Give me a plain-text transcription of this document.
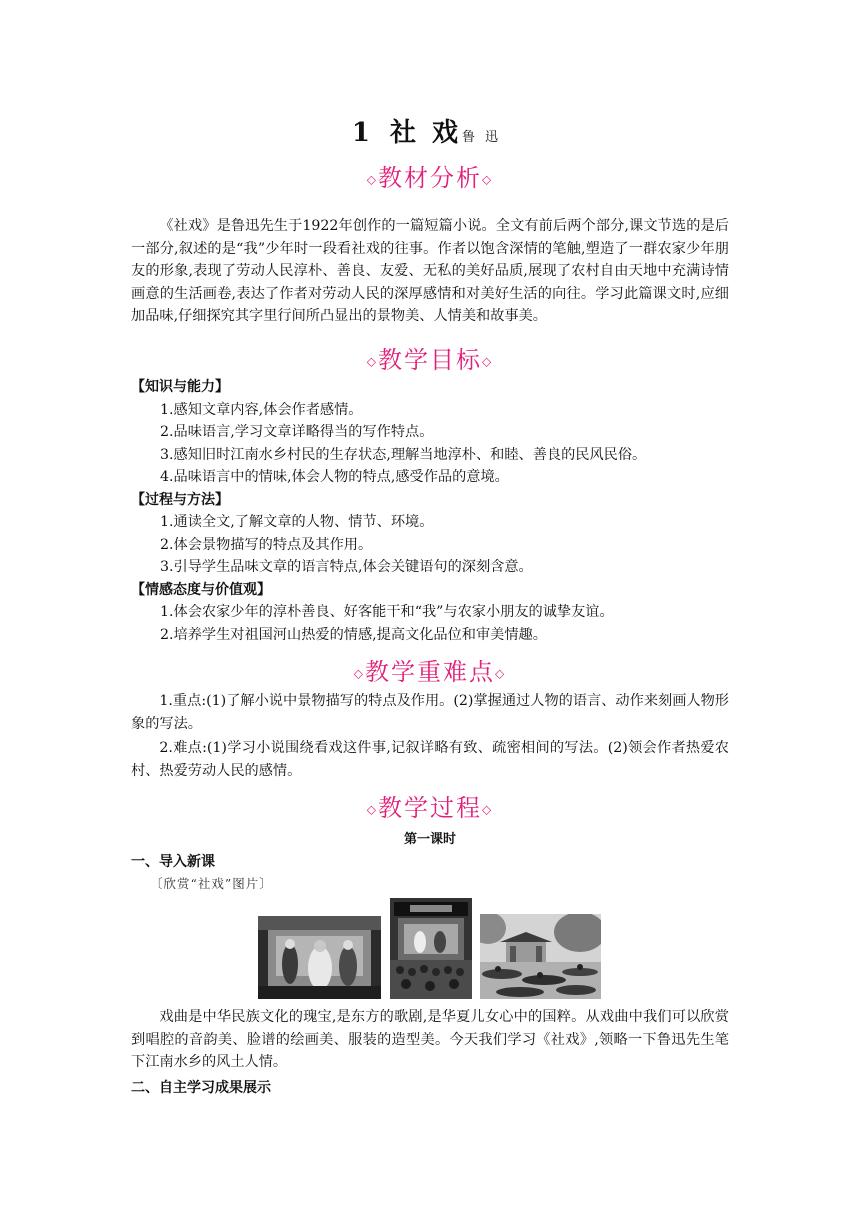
1 社 戏 鲁迅
◇教材分析◇
《社戏》是鲁迅先生于1922年创作的一篇短篇小说。全文有前后两个部分,课文节选的是后一部分,叙述的是“我”少年时一段看社戏的往事。作者以饱含深情的笔触,塑造了一群农家少年朋友的形象,表现了劳动人民淳朴、善良、友爱、无私的美好品质,展现了农村自由天地中充满诗情画意的生活画卷,表达了作者对劳动人民的深厚感情和对美好生活的向往。学习此篇课文时,应细加品味,仔细探究其字里行间所凸显出的景物美、人情美和故事美。
◇教学目标◇
【知识与能力】
1.感知文章内容,体会作者感情。
2.品味语言,学习文章详略得当的写作特点。
3.感知旧时江南水乡村民的生存状态,理解当地淳朴、和睦、善良的民风民俗。
4.品味语言中的情味,体会人物的特点,感受作品的意境。
【过程与方法】
1.通读全文,了解文章的人物、情节、环境。
2.体会景物描写的特点及其作用。
3.引导学生品味文章的语言特点,体会关键语句的深刻含意。
【情感态度与价值观】
1.体会农家少年的淳朴善良、好客能干和“我”与农家小朋友的诚挚友谊。
2.培养学生对祖国河山热爱的情感,提高文化品位和审美情趣。
◇教学重难点◇
1.重点:(1)了解小说中景物描写的特点及作用。(2)掌握通过人物的语言、动作来刻画人物形象的写法。
2.难点:(1)学习小说围绕看戏这件事,记叙详略有致、疏密相间的写法。(2)领会作者热爱农村、热爱劳动人民的感情。
◇教学过程◇
第一课时
一、导入新课
〔欣赏“社戏”图片〕
戏曲是中华民族文化的瑰宝,是东方的歌剧,是华夏儿女心中的国粹。从戏曲中我们可以欣赏到唱腔的音韵美、脸谱的绘画美、服装的造型美。今天我们学习《社戏》,领略一下鲁迅先生笔下江南水乡的风土人情。
二、自主学习成果展示
